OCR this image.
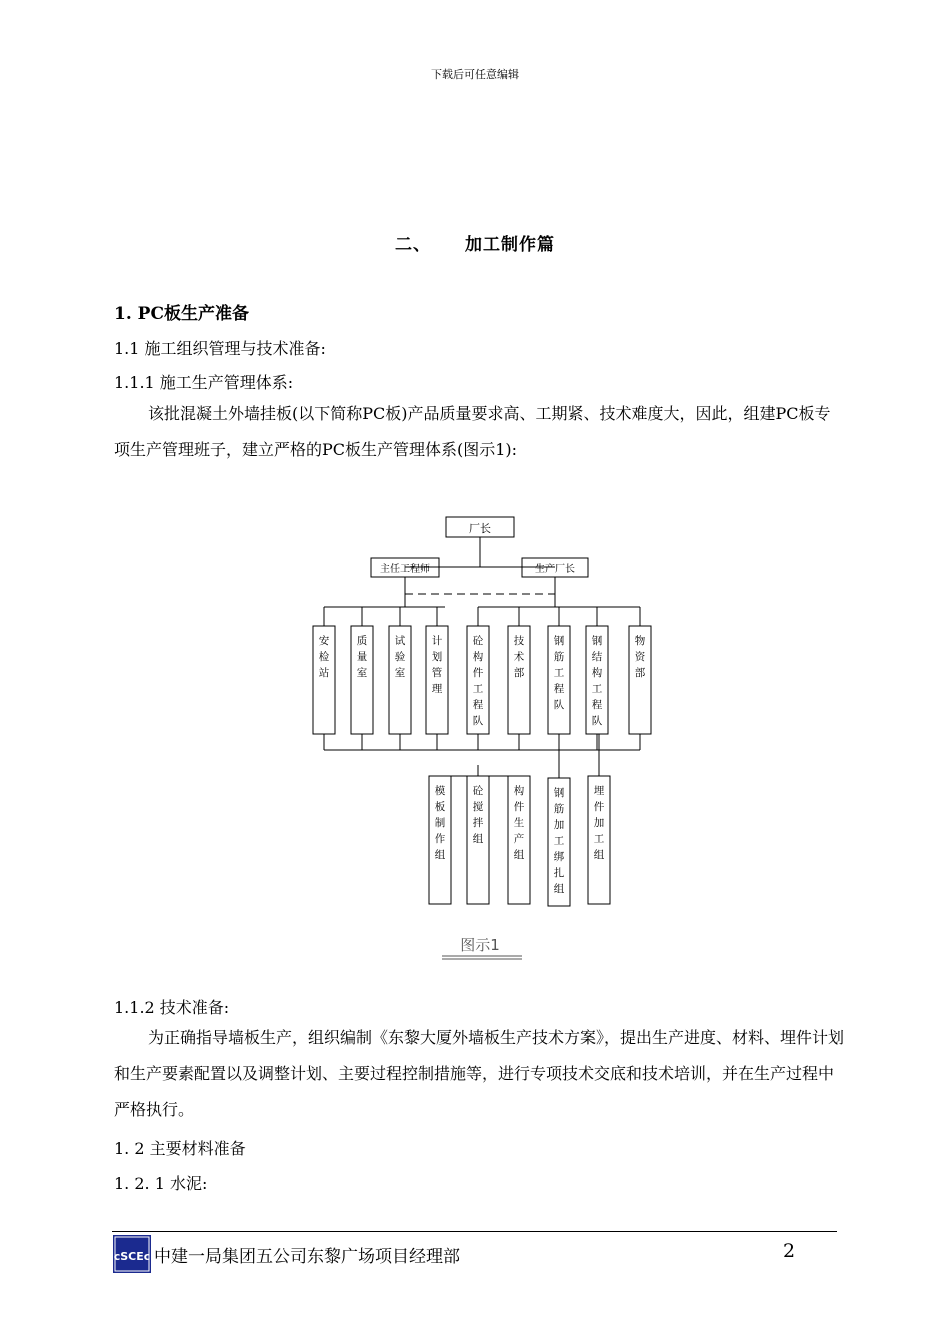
下载后可任意编辑
二、 加工制作篇
1. PC板生产准备
1.1 施工组织管理与技术准备:
1.1.1 施工生产管理体系:

该批混凝土外墙挂板(以下简称PC板)产品质量要求高、工期紧、技术难度大，因此，组建PC板专项生产管理班子，建立严格的PC板生产管理体系(图示1):

厂长
主任工程师	生产厂长
安检站
质量室
试验室
计划管理
砼构件工程队
技术部
钢筋工程队
钢结构工程队
物资部
模板制作组
砼搅拌组
构件生产组
钢筋加工绑扎组
埋件加工组
图示1
1.1.2 技术准备:

为正确指导墙板生产，组织编制《东黎大厦外墙板生产技术方案》，提出生产进度、材料、埋件计划和生产要素配置以及调整计划、主要过程控制措施等，进行专项技术交底和技术培训，并在生产过程中严格执行。

1. 2 主要材料准备
1. 2. 1 水泥:
cSCEc 中建一局集团五公司东黎广场项目经理部	2
